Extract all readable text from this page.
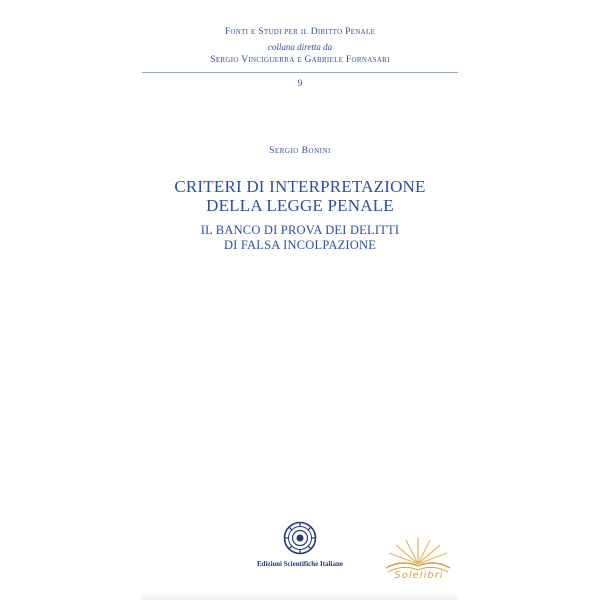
Fonti e Studi per il Diritto Penale
collana diretta da
Sergio Vinciguerra e Gabriele Fornasari
9
Sergio Bonini
CRITERI DI INTERPRETAZIONE
DELLA LEGGE PENALE
IL BANCO DI PROVA DEI DELITTI
DI FALSA INCOLPAZIONE
Edizioni Scientifiche Italiane
Solelibri
